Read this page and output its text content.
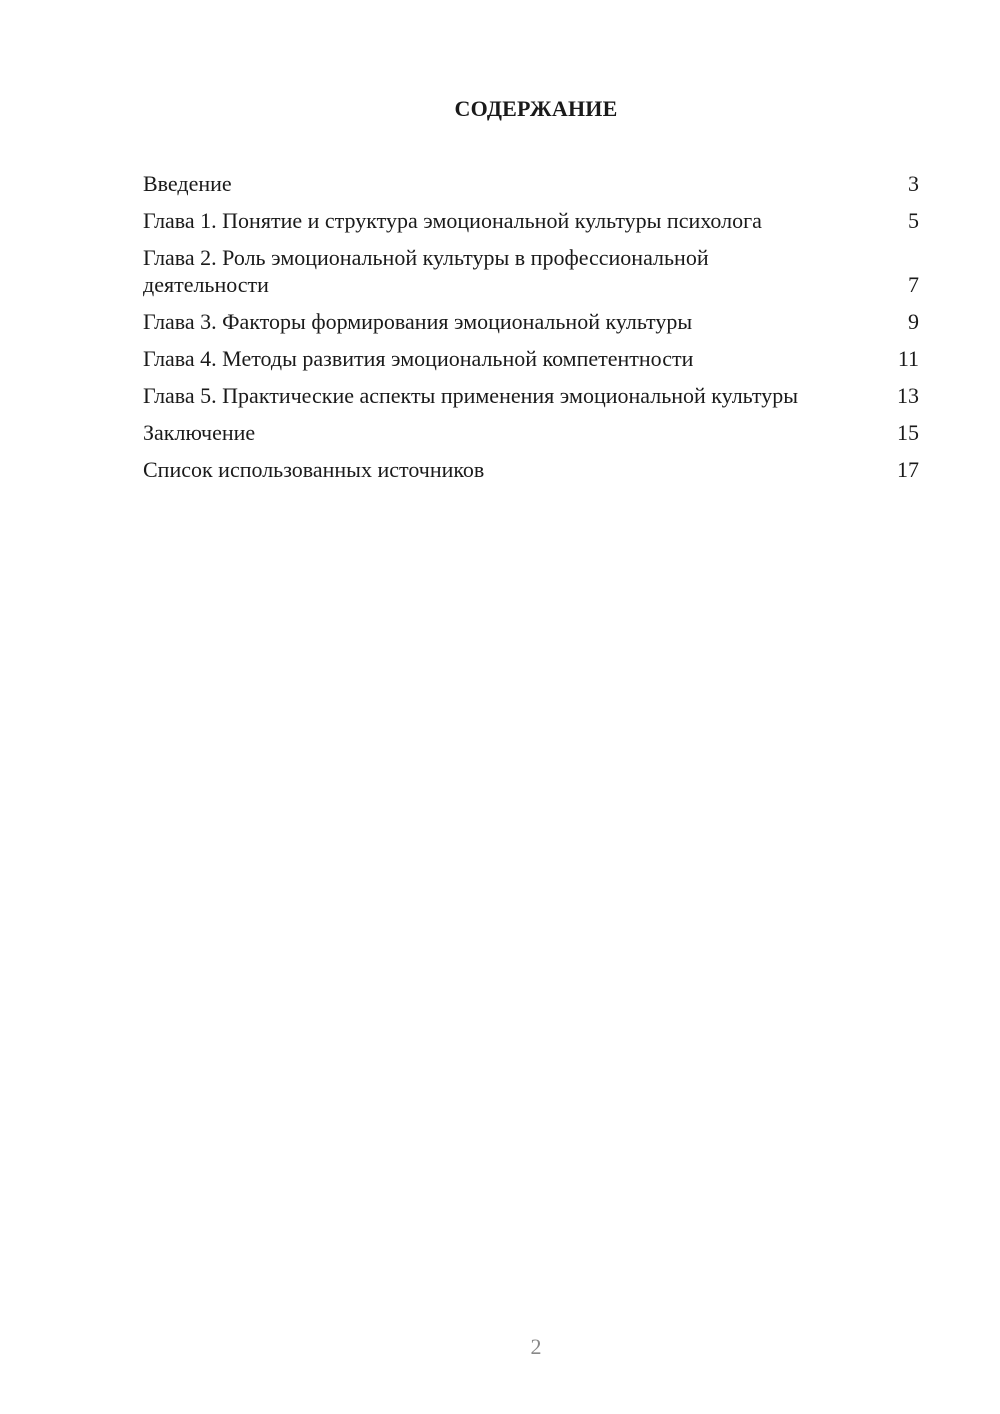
СОДЕРЖАНИЕ
Введение	3
Глава 1. Понятие и структура эмоциональной культуры психолога	5
Глава 2. Роль эмоциональной культуры в профессиональной деятельности	7
Глава 3. Факторы формирования эмоциональной культуры	9
Глава 4. Методы развития эмоциональной компетентности	11
Глава 5. Практические аспекты применения эмоциональной культуры	13
Заключение	15
Список использованных источников	17
2
